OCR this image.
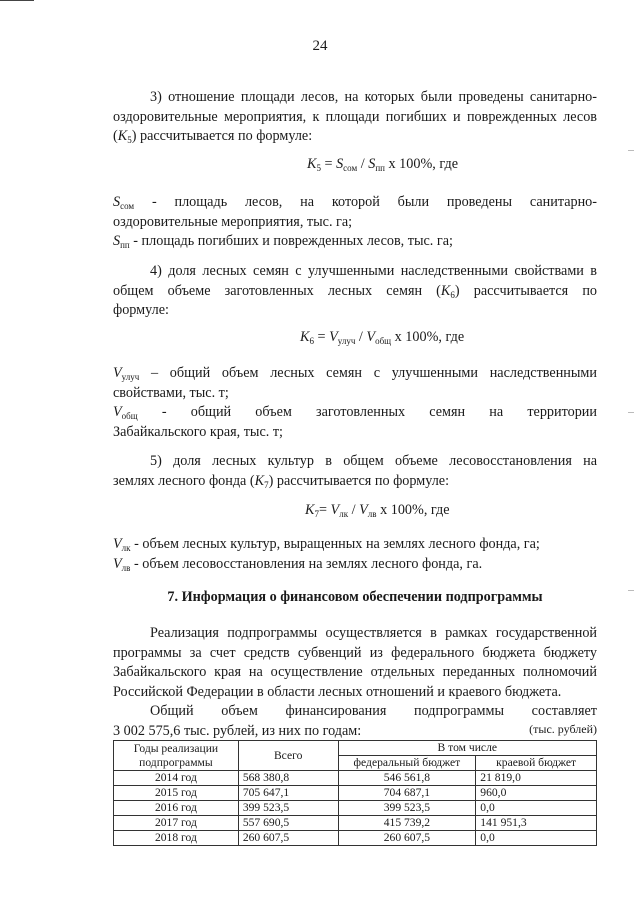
24
3) отношение площади лесов, на которых были проведены санитарно-
оздоровительные мероприятия, к площади погибших и поврежденных лесов
$(K_5)$ рассчитывается по формуле:
$K_5 = S_{сом} / S_{пп}$ x 100%, где
$S_{сом}$ - площадь лесов, на которой были проведены санитарно-
оздоровительные мероприятия, тыс. га;
$S_{пп}$ - площадь погибших и поврежденных лесов, тыс. га;
4) доля лесных семян с улучшенными наследственными свойствами в
общем объеме заготовленных лесных семян $(K_6)$ рассчитывается по
формуле:
$K_6 = V_{улуч} / V_{общ}$ x 100%, где
$V_{улуч}$ – общий объем лесных семян с улучшенными наследственными
свойствами, тыс. т;
$V_{общ}$ - общий объем заготовленных семян на территории
Забайкальского края, тыс. т;
5) доля лесных культур в общем объеме лесовосстановления на
землях лесного фонда $(K_7)$ рассчитывается по формуле:
$K_7= V_{лк} / V_{лв}$ x 100%, где
$V_{лк}$ - объем лесных культур, выращенных на землях лесного фонда, га;
$V_{лв}$ - объем лесовосстановления на землях лесного фонда, га.
7. Информация о финансовом обеспечении подпрограммы
Реализация подпрограммы осуществляется в рамках государственной
программы за счет средств субвенций из федерального бюджета бюджету
Забайкальского края на осуществление отдельных переданных полномочий
Российской Федерации в области лесных отношений и краевого бюджета.
Общий объем финансирования подпрограммы составляет
3 002 575,6 тыс. рублей, из них по годам:	(тыс. рублей)
Годы реализации подпрограммы	Всего	В том числе	
		федеральный бюджет	краевой бюджет
2014 год	568 380,8	546 561,8	21 819,0
2015 год	705 647,1	704 687,1	960,0
2016 год	399 523,5	399 523,5	0,0
2017 год	557 690,5	415 739,2	141 951,3
2018 год	260 607,5	260 607,5	0,0
